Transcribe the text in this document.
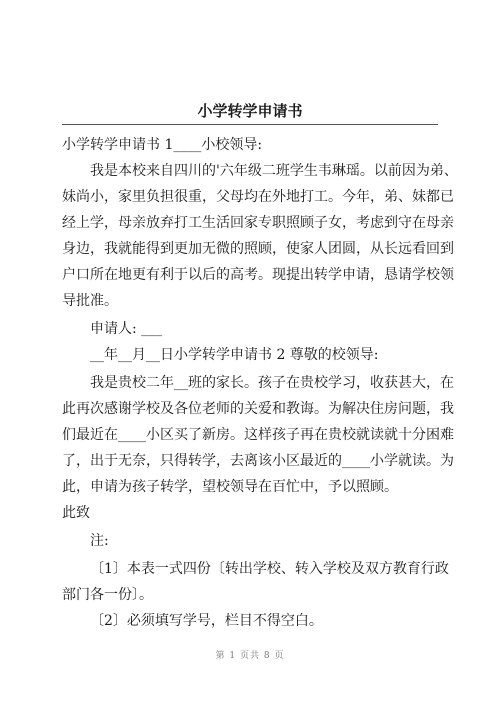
小学转学申请书
小学转学申请书 1____小校领导:
我是本校来自四川的'六年级二班学生韦琳瑶。以前因为弟、
妹尚小，家里负担很重，父母均在外地打工。今年，弟、妹都已
经上学，母亲放弃打工生活回家专职照顾子女，考虑到守在母亲
身边，我就能得到更加无微的照顾，使家人团圆，从长远看回到
户口所在地更有利于以后的高考。现提出转学申请，恳请学校领
导批准。
申请人: ___
__年__月__日小学转学申请书 2 尊敬的校领导:
我是贵校二年__班的家长。孩子在贵校学习，收获甚大，在
此再次感谢学校及各位老师的关爱和教诲。为解决住房问题，我
们最近在____小区买了新房。这样孩子再在贵校就读就十分困难
了，出于无奈，只得转学，去离该小区最近的____小学就读。为
此，申请为孩子转学，望校领导在百忙中，予以照顾。
此致
注:
〔1〕本表一式四份〔转出学校、转入学校及双方教育行政
部门各一份〕。
〔2〕必须填写学号，栏目不得空白。
第 1 页共 8 页
